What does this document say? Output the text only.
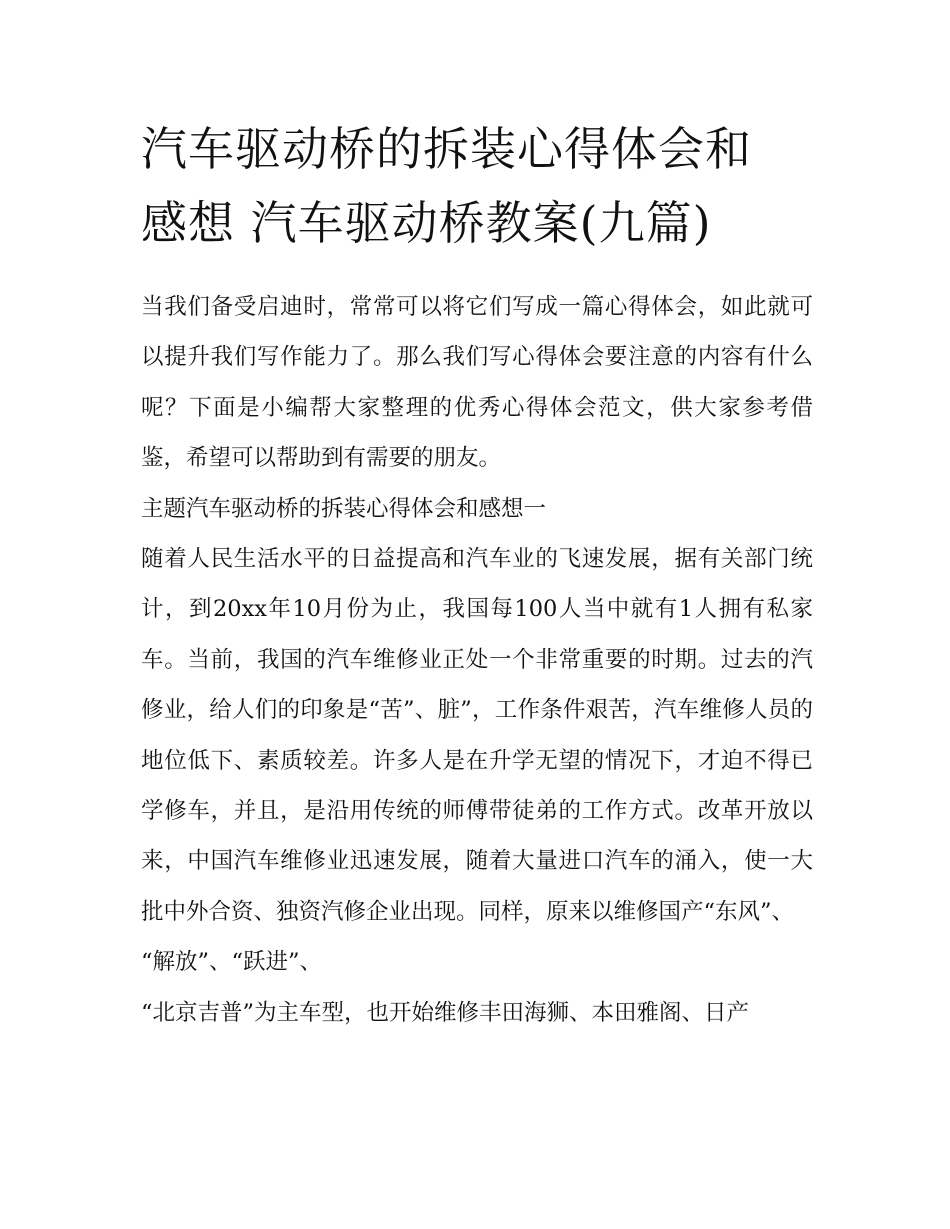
汽车驱动桥的拆装心得体会和
感想 汽车驱动桥教案(九篇)

当我们备受启迪时，常常可以将它们写成一篇心得体会，如此就可以提升我们写作能力了。那么我们写心得体会要注意的内容有什么呢？下面是小编帮大家整理的优秀心得体会范文，供大家参考借鉴，希望可以帮助到有需要的朋友。

主题汽车驱动桥的拆装心得体会和感想一

随着人民生活水平的日益提高和汽车业的飞速发展，据有关部门统计，到20xx年10月份为止，我国每100人当中就有1人拥有私家车。当前，我国的汽车维修业正处一个非常重要的时期。过去的汽修业，给人们的印象是“苦”、脏”，工作条件艰苦，汽车维修人员的地位低下、素质较差。许多人是在升学无望的情况下，才迫不得已学修车，并且，是沿用传统的师傅带徒弟的工作方式。改革开放以来，中国汽车维修业迅速发展，随着大量进口汽车的涌入，使一大批中外合资、独资汽修企业出现。同样，原来以维修国产“东风”、

“解放”、“跃进”、

“北京吉普”为主车型，也开始维修丰田海狮、本田雅阁、日产
